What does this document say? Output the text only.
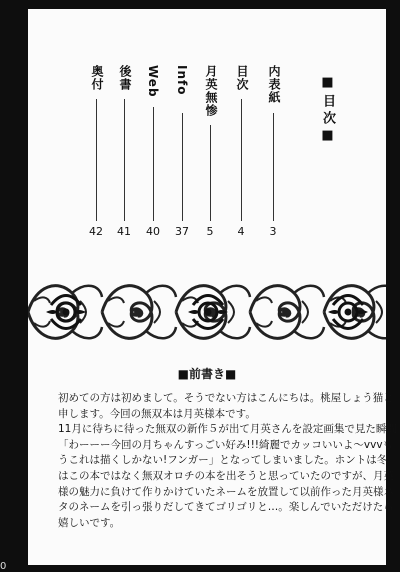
■目次■
内表紙
3
目次
4
月英無惨
5
Info
37
Web
40
後書
41
奥付
42
■前書き■
初めての方は初めまして。そうでない方はこんにちは。桃屋しょう猫と
申します。今回の無双本は月英様本です。
11月に待ちに待った無双の新作５が出て月英さんを設定画集で見た瞬間
「わーーー今回の月ちゃんすっごい好み!!!綺麗でカッコいいよ～vvvも
うこれは描くしかない!フンガー」となってしまいました。ホントは冬
はこの本ではなく無双オロチの本を出そうと思っていたのですが、月英
様の魅力に負けて作りかけていたネームを放置して以前作った月英様ネ
タのネームを引っ張りだしてきてゴリゴリと…。楽しんでいただけたら
嬉しいです。
0
